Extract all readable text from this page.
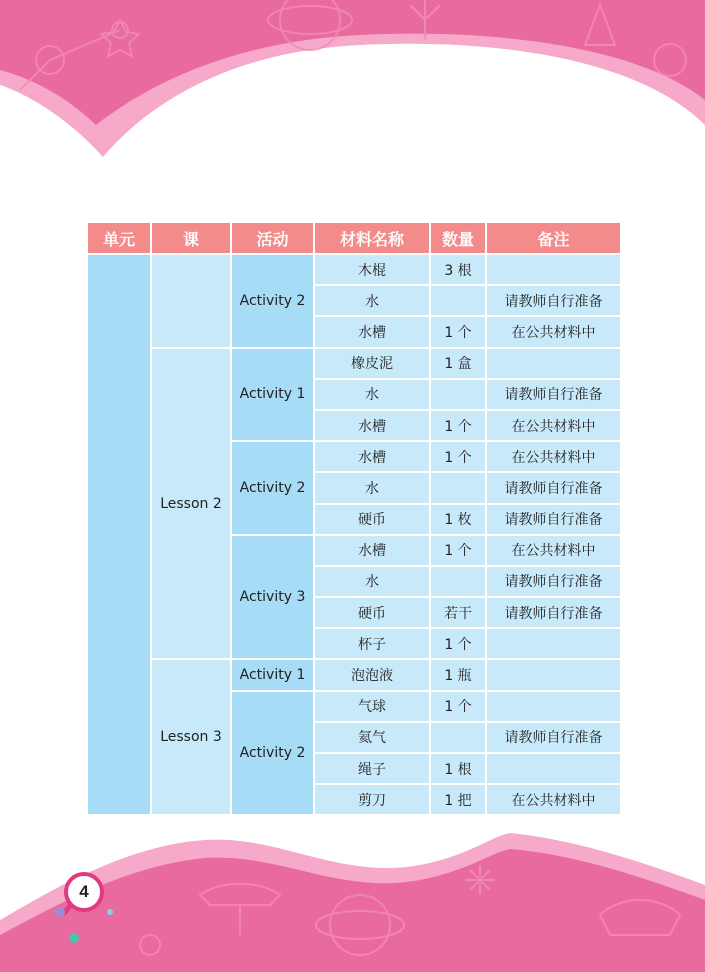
单元	课	活动	材料名称	数量	备注
		Activity 2	木棍	3 根	
			水		请教师自行准备
			水槽	1 个	在公共材料中
	Lesson 2	Activity 1	橡皮泥	1 盒	
			水		请教师自行准备
			水槽	1 个	在公共材料中
		Activity 2	水槽	1 个	在公共材料中
			水		请教师自行准备
			硬币	1 枚	请教师自行准备
		Activity 3	水槽	1 个	在公共材料中
			水		请教师自行准备
			硬币	若干	请教师自行准备
			杯子	1 个	
	Lesson 3	Activity 1	泡泡液	1 瓶	
		Activity 2	气球	1 个	
			氦气		请教师自行准备
			绳子	1 根	
			剪刀	1 把	在公共材料中
4
